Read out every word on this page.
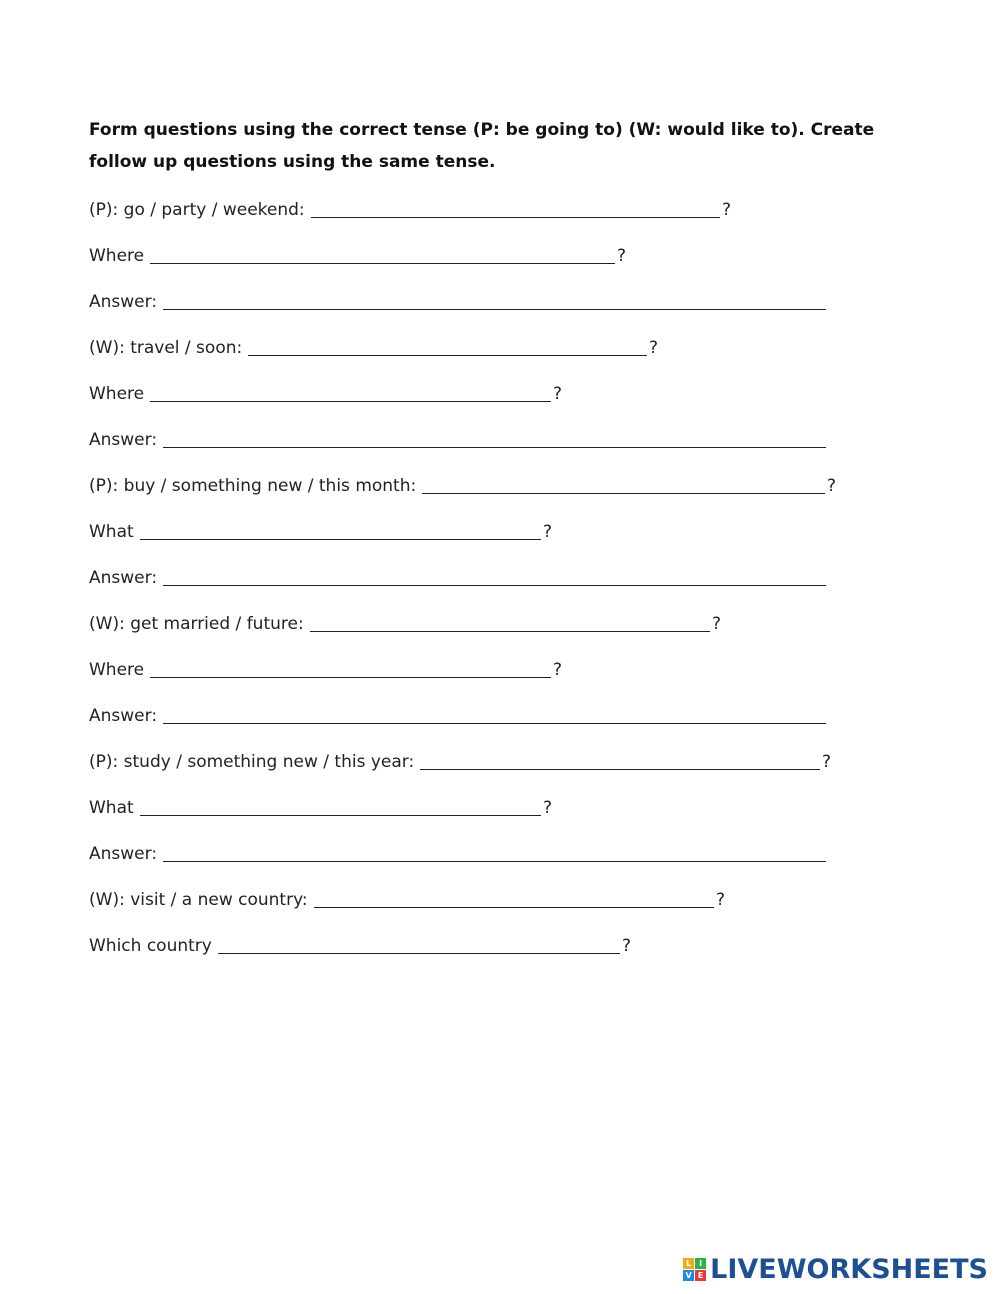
Form questions using the correct tense (P: be going to) (W: would like to). Create follow up questions using the same tense.

(P): go / party / weekend:	?
Where	?
Answer:
(W): travel / soon:	?
Where	?
Answer:
(P): buy / something new / this month:	?
What	?
Answer:
(W): get married / future:	?
Where	?
Answer:
(P): study / something new / this year:	?
What	?
Answer:
(W): visit / a new country:	?
Which country	?
L I
V E LIVEWORKSHEETS
